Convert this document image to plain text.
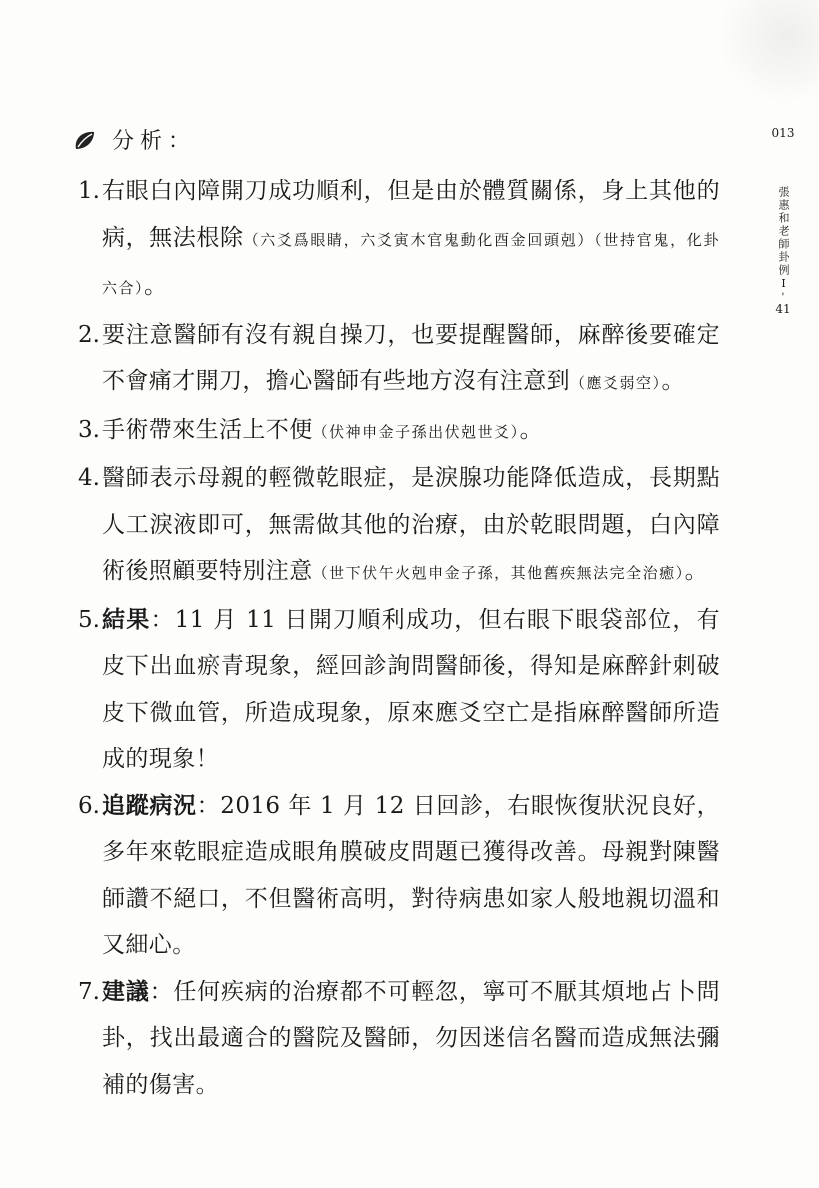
分析：
1. 右眼白內障開刀成功順利，但是由於體質關係，身上其他的病，無法根除（六爻爲眼睛，六爻寅木官鬼動化酉金回頭剋）（世持官鬼，化卦六合）。
2. 要注意醫師有沒有親自操刀，也要提醒醫師，麻醉後要確定不會痛才開刀，擔心醫師有些地方沒有注意到（應爻弱空）。
3. 手術帶來生活上不便（伏神申金子孫出伏剋世爻）。
4. 醫師表示母親的輕微乾眼症，是淚腺功能降低造成，長期點人工淚液即可，無需做其他的治療，由於乾眼問題，白內障術後照顧要特別注意（世下伏午火剋申金子孫，其他舊疾無法完全治癒）。
5. 結果：11 月 11 日開刀順利成功，但右眼下眼袋部位，有皮下出血瘀青現象，經回診詢問醫師後，得知是麻醉針刺破皮下微血管，所造成現象，原來應爻空亡是指麻醉醫師所造成的現象！
6. 追蹤病況：2016 年 1 月 12 日回診，右眼恢復狀況良好，多年來乾眼症造成眼角膜破皮問題已獲得改善。母親對陳醫師讚不絕口，不但醫術高明，對待病患如家人般地親切溫和又細心。
7. 建議：任何疾病的治療都不可輕忽，寧可不厭其煩地占卜問卦，找出最適合的醫院及醫師，勿因迷信名醫而造成無法彌補的傷害。
013
張惠和老師卦例Ⅰ-
41
